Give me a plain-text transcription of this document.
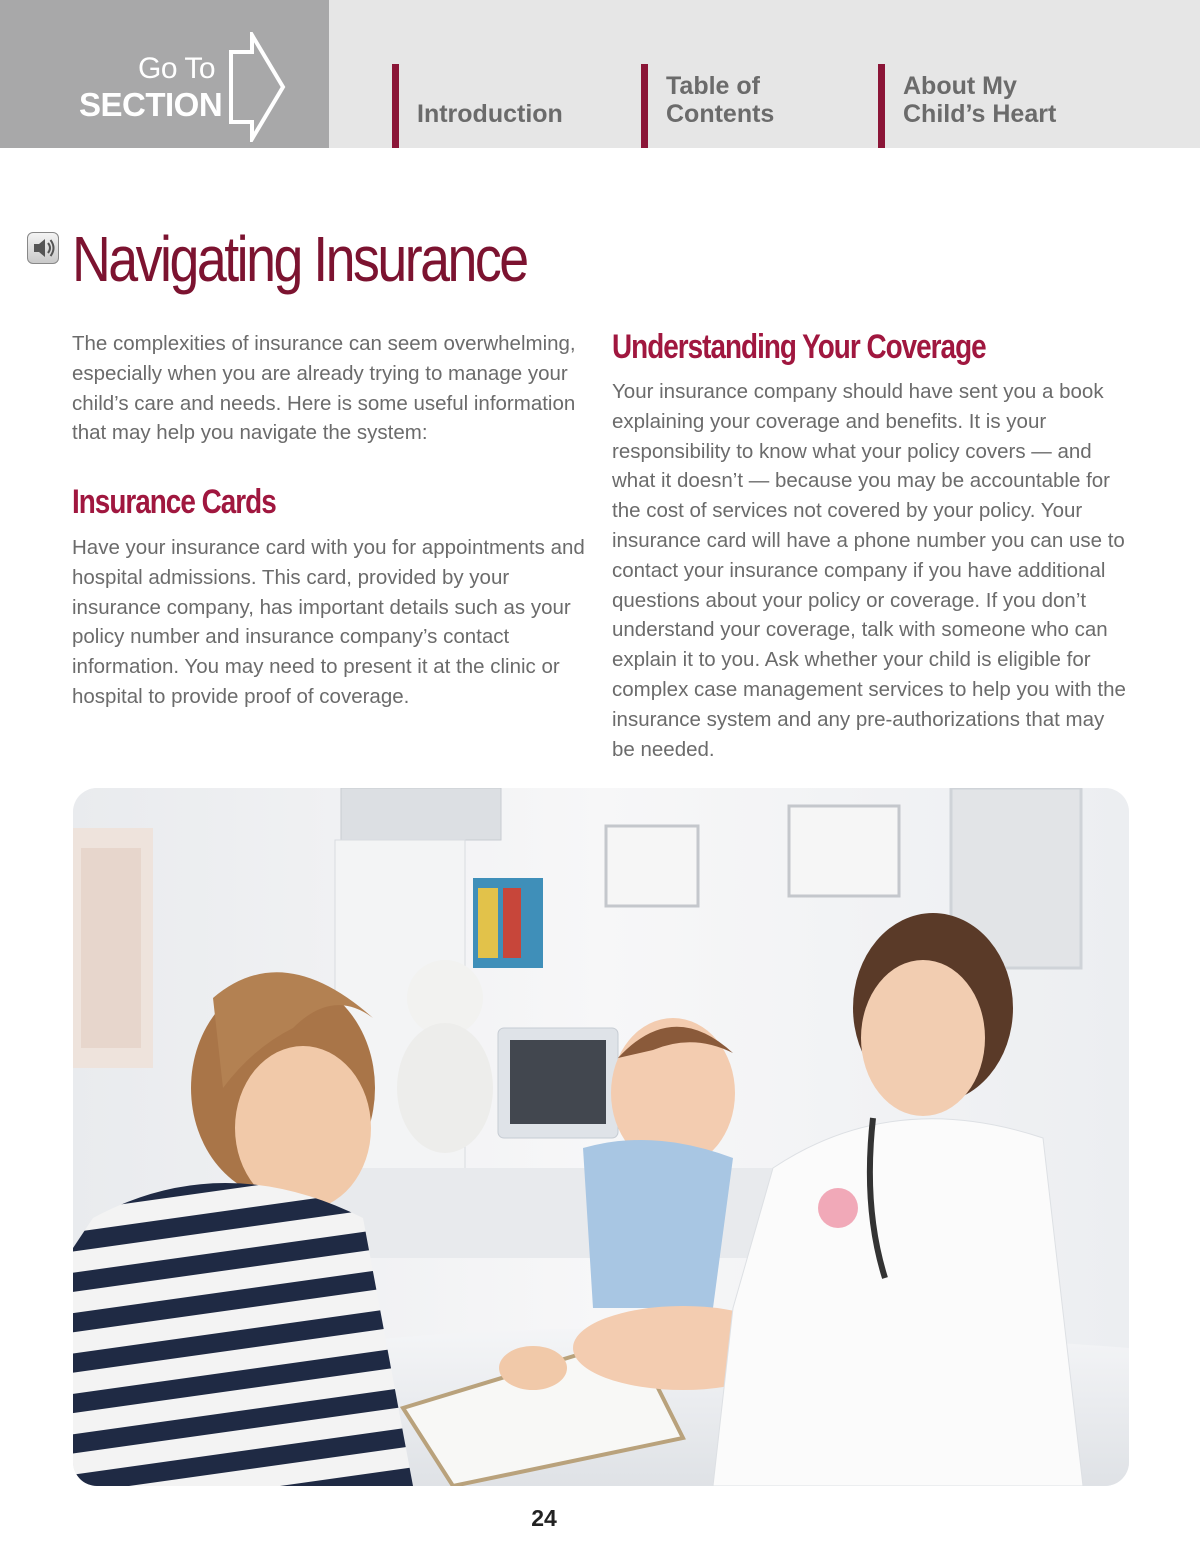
Go To
SECTION	Introduction
Table of
Contents
About My
Child’s Heart
Navigating Insurance
The complexities of insurance can seem overwhelming, especially when you are already trying to manage your child’s care and needs. Here is some useful information that may help you navigate the system:
Insurance Cards
Have your insurance card with you for appointments and hospital admissions. This card, provided by your insurance company, has important details such as your policy number and insurance company’s contact information. You may need to present it at the clinic or hospital to provide proof of coverage.
Understanding Your Coverage
Your insurance company should have sent you a book explaining your coverage and benefits. It is your responsibility to know what your policy covers — and what it doesn’t — because you may be accountable for the cost of services not covered by your policy. Your insurance card will have a phone number you can use to contact your insurance company if you have additional questions about your policy or coverage. If you don’t understand your coverage, talk with someone who can explain it to you. Ask whether your child is eligible for complex case management services to help you with the insurance system and any pre-authorizations that may be needed.
24
